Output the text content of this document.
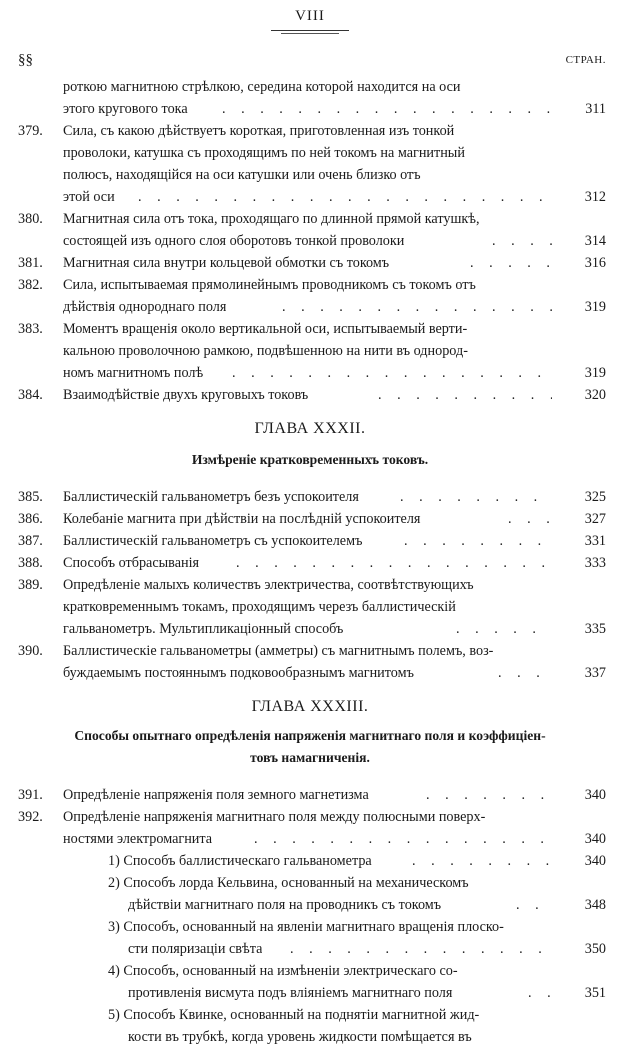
VIII
§§	СТРАН.
роткою магнитною стрѣлкою, середина которой находится на оси
этого кругового тока . . .	311
379. Сила, съ какою дѣйствуетъ короткая, приготовленная изъ тонкой
проволоки, катушка съ проходящимъ по ней токомъ на магнитный
полюсъ, находящійся на оси катушки или очень близко отъ
этой оси . . .	312
380. Магнитная сила отъ тока, проходящаго по длинной прямой катушкѣ,
состоящей изъ одного слоя оборотовъ тонкой проволоки . . .	314
381. Магнитная сила внутри кольцевой обмотки съ токомъ . . .	316
382. Сила, испытываемая прямолинейнымъ проводникомъ съ токомъ отъ
дѣйствія однороднаго поля . . .	319
383. Моментъ вращенія около вертикальной оси, испытываемый верти-
кальною проволочною рамкою, подвѣшенною на нити въ однород-
номъ магнитномъ полѣ . . .	319
384. Взаимодѣйствіе двухъ круговыхъ токовъ . . .	320
ГЛАВА XXXII.
Измѣреніе кратковременныхъ токовъ.
385. Баллистическій гальванометръ безъ успокоителя . . .	325
386. Колебаніе магнита при дѣйствіи на послѣдній успокоителя . . .	327
387. Баллистическій гальванометръ съ успокоителемъ . . .	331
388. Способъ отбрасыванія . . .	333
389. Опредѣленіе малыхъ количествъ электричества, соотвѣтствующихъ
кратковременнымъ токамъ, проходящимъ черезъ баллистическій
гальванометръ. Мультипликаціонный способъ . . .	335
390. Баллистическіе гальванометры (амметры) съ магнитнымъ полемъ, воз-
буждаемымъ постояннымъ подковообразнымъ магнитомъ . . .	337
ГЛАВА XXXIII.
Способы опытнаго опредѣленія напряженія магнитнаго поля и коэффиціен-
товъ намагниченія.
391. Опредѣленіе напряженія поля земного магнетизма . . .	340
392. Опредѣленіе напряженія магнитнаго поля между полюсными поверх-
ностями электромагнита . . .	340
1) Способъ баллистическаго гальванометра . . .	340
2) Способъ лорда Кельвина, основанный на механическомъ
дѣйствіи магнитнаго поля на проводникъ съ токомъ . . .	348
3) Способъ, основанный на явленіи магнитнаго вращенія плоско-
сти поляризаціи свѣта . . .	350
4) Способъ, основанный на измѣненіи электрическаго со-
противленія висмута подъ вліяніемъ магнитнаго поля . . .	351
5) Способъ Квинке, основанный на поднятіи магнитной жид-
кости въ трубкѣ, когда уровень жидкости помѣщается въ
